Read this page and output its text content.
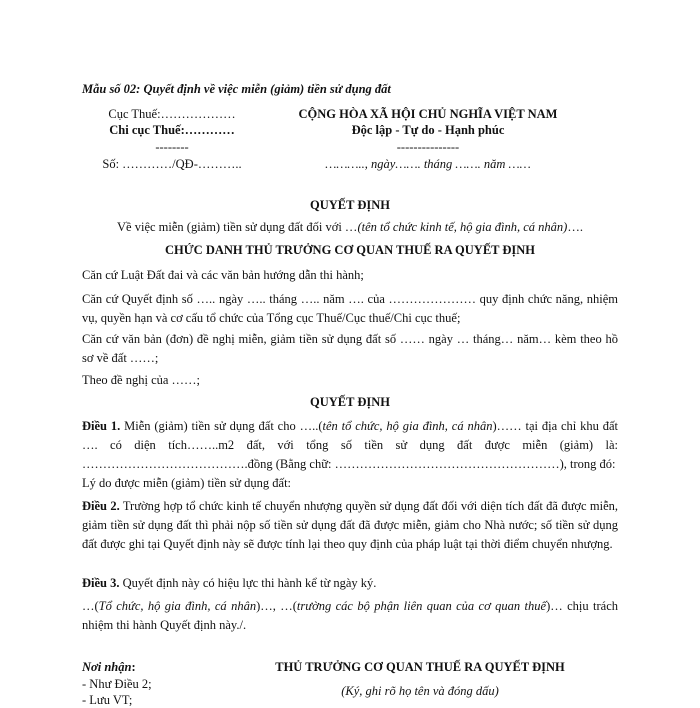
Mẫu số 02: Quyết định về việc miễn (giảm) tiền sử dụng đất
Cục Thuế:………………
Chi cục Thuế:…………
--------
Số: …………/QĐ-………..
CỘNG HÒA XÃ HỘI CHỦ NGHĨA VIỆT NAM
Độc lập - Tự do - Hạnh phúc
---------------
……….., ngày……. tháng ……. năm ……
QUYẾT ĐỊNH
Về việc miễn (giảm) tiền sử dụng đất đối với …(tên tổ chức kinh tế, hộ gia đình, cá nhân)….
CHỨC DANH THỦ TRƯỞNG CƠ QUAN THUẾ RA QUYẾT ĐỊNH
Căn cứ Luật Đất đai và các văn bản hướng dẫn thi hành;
Căn cứ Quyết định số ….. ngày ….. tháng ….. năm …. của ………………… quy định chức năng, nhiệm vụ, quyền hạn và cơ cấu tổ chức của Tổng cục Thuế/Cục thuế/Chi cục thuế;
Căn cứ văn bản (đơn) đề nghị miễn, giảm tiền sử dụng đất số …… ngày … tháng… năm… kèm theo hồ sơ về đất ……;
Theo đề nghị của ……;
QUYẾT ĐỊNH
Điều 1. Miễn (giảm) tiền sử dụng đất cho …..(tên tổ chức, hộ gia đình, cá nhân)…… tại địa chỉ khu đất …. có diện tích……..m2 đất, với tổng số tiền sử dụng đất được miễn (giảm) là: ………………………………….đồng (Bằng chữ: ………………………………………………), trong đó:
Lý do được miễn (giảm) tiền sử dụng đất:
Điều 2. Trường hợp tổ chức kinh tế chuyển nhượng quyền sử dụng đất đối với diện tích đất đã được miễn, giảm tiền sử dụng đất thì phải nộp số tiền sử dụng đất đã được miễn, giảm cho Nhà nước; số tiền sử dụng đất được ghi tại Quyết định này sẽ được tính lại theo quy định của pháp luật tại thời điểm chuyển nhượng.
Điều 3. Quyết định này có hiệu lực thi hành kể từ ngày ký.
…(Tổ chức, hộ gia đình, cá nhân)…, …(trường các bộ phận liên quan của cơ quan thuế)… chịu trách nhiệm thi hành Quyết định này./.
Nơi nhận:
- Như Điều 2;
- Lưu VT;
THỦ TRƯỞNG CƠ QUAN THUẾ RA QUYẾT ĐỊNH
(Ký, ghi rõ họ tên và đóng dấu)
